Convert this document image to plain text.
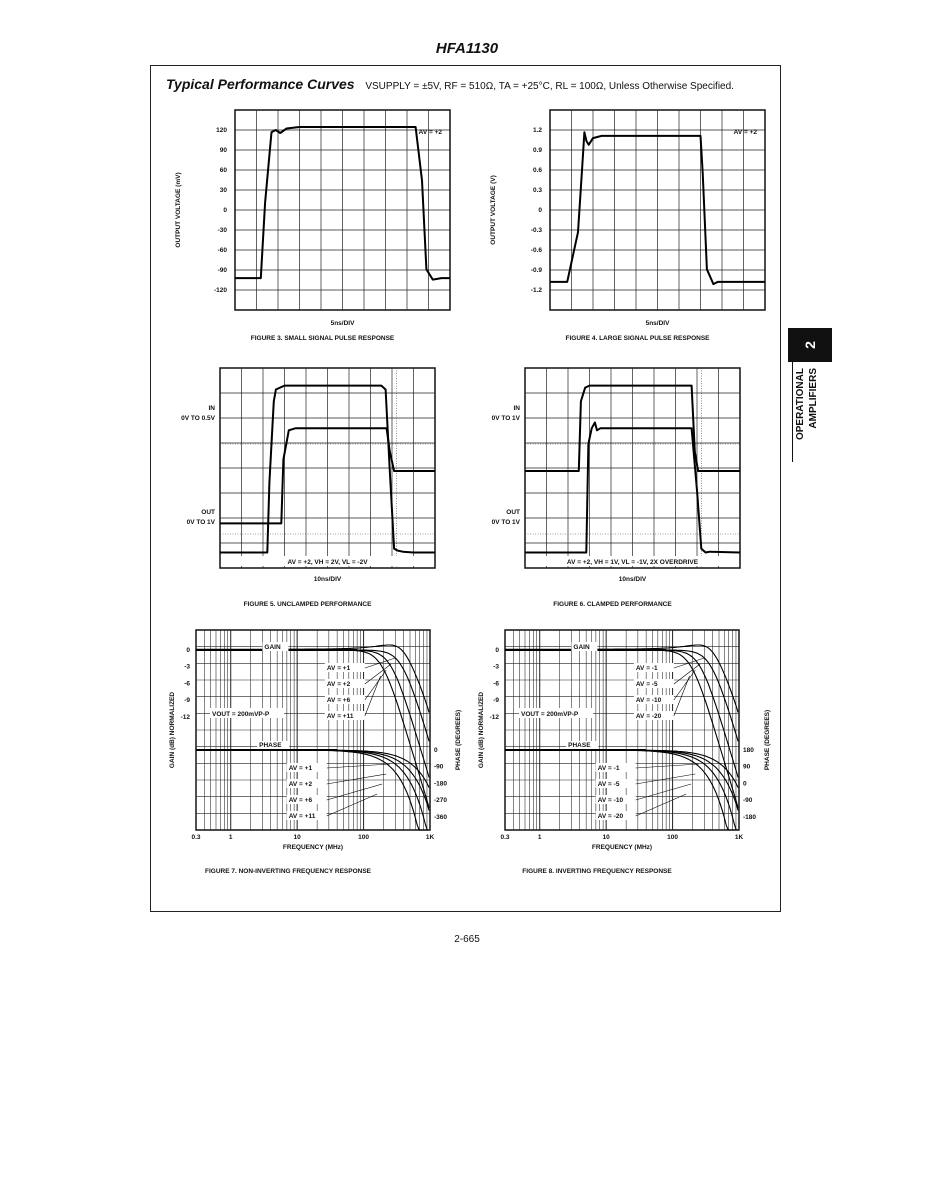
HFA1130
Typical Performance Curves VSUPPLY = ±5V, RF = 510Ω, TA = +25°C, RL = 100Ω, Unless Otherwise Specified.
2
OPERATIONAL AMPLIFIERS
120
90
60
30
0
-30
-60
-90
-120
OUTPUT VOLTAGE (mV)
5ns/DIV
AV = +2
FIGURE 3. SMALL SIGNAL PULSE RESPONSE
1.2
0.9
0.6
0.3
0
-0.3
-0.6
-0.9
-1.2
OUTPUT VOLTAGE (V)
5ns/DIV
AV = +2
FIGURE 4. LARGE SIGNAL PULSE RESPONSE
IN
0V TO 0.5V
OUT
0V TO 1V
AV = +2, VH = 2V, VL = -2V
10ns/DIV
FIGURE 5. UNCLAMPED PERFORMANCE
IN
0V TO 1V
OUT
0V TO 1V
AV = +2, VH = 1V, VL = -1V, 2X OVERDRIVE
10ns/DIV
FIGURE 6. CLAMPED PERFORMANCE
0.3	1	10	100	1K
FREQUENCY (MHz)
0
-3
-6
-9
-12
0
-90
-180
-270
-360
GAIN (dB) NORMALIZED	PHASE (DEGREES)
GAIN
PHASE
VOUT = 200mVP-P
AV = +1
AV = +2
AV = +6
AV = +11
AV = +1
AV = +2
AV = +6
AV = +11
FIGURE 7. NON-INVERTING FREQUENCY RESPONSE
0.3	1	10	100	1K
FREQUENCY (MHz)
0
-3
-6
-9
-12
180
90
0
-90
-180
GAIN (dB) NORMALIZED	PHASE (DEGREES)
GAIN
PHASE
VOUT = 200mVP-P
AV = -1
AV = -5
AV = -10
AV = -20
AV = -1
AV = -5
AV = -10
AV = -20
FIGURE 8. INVERTING FREQUENCY RESPONSE
2-665
